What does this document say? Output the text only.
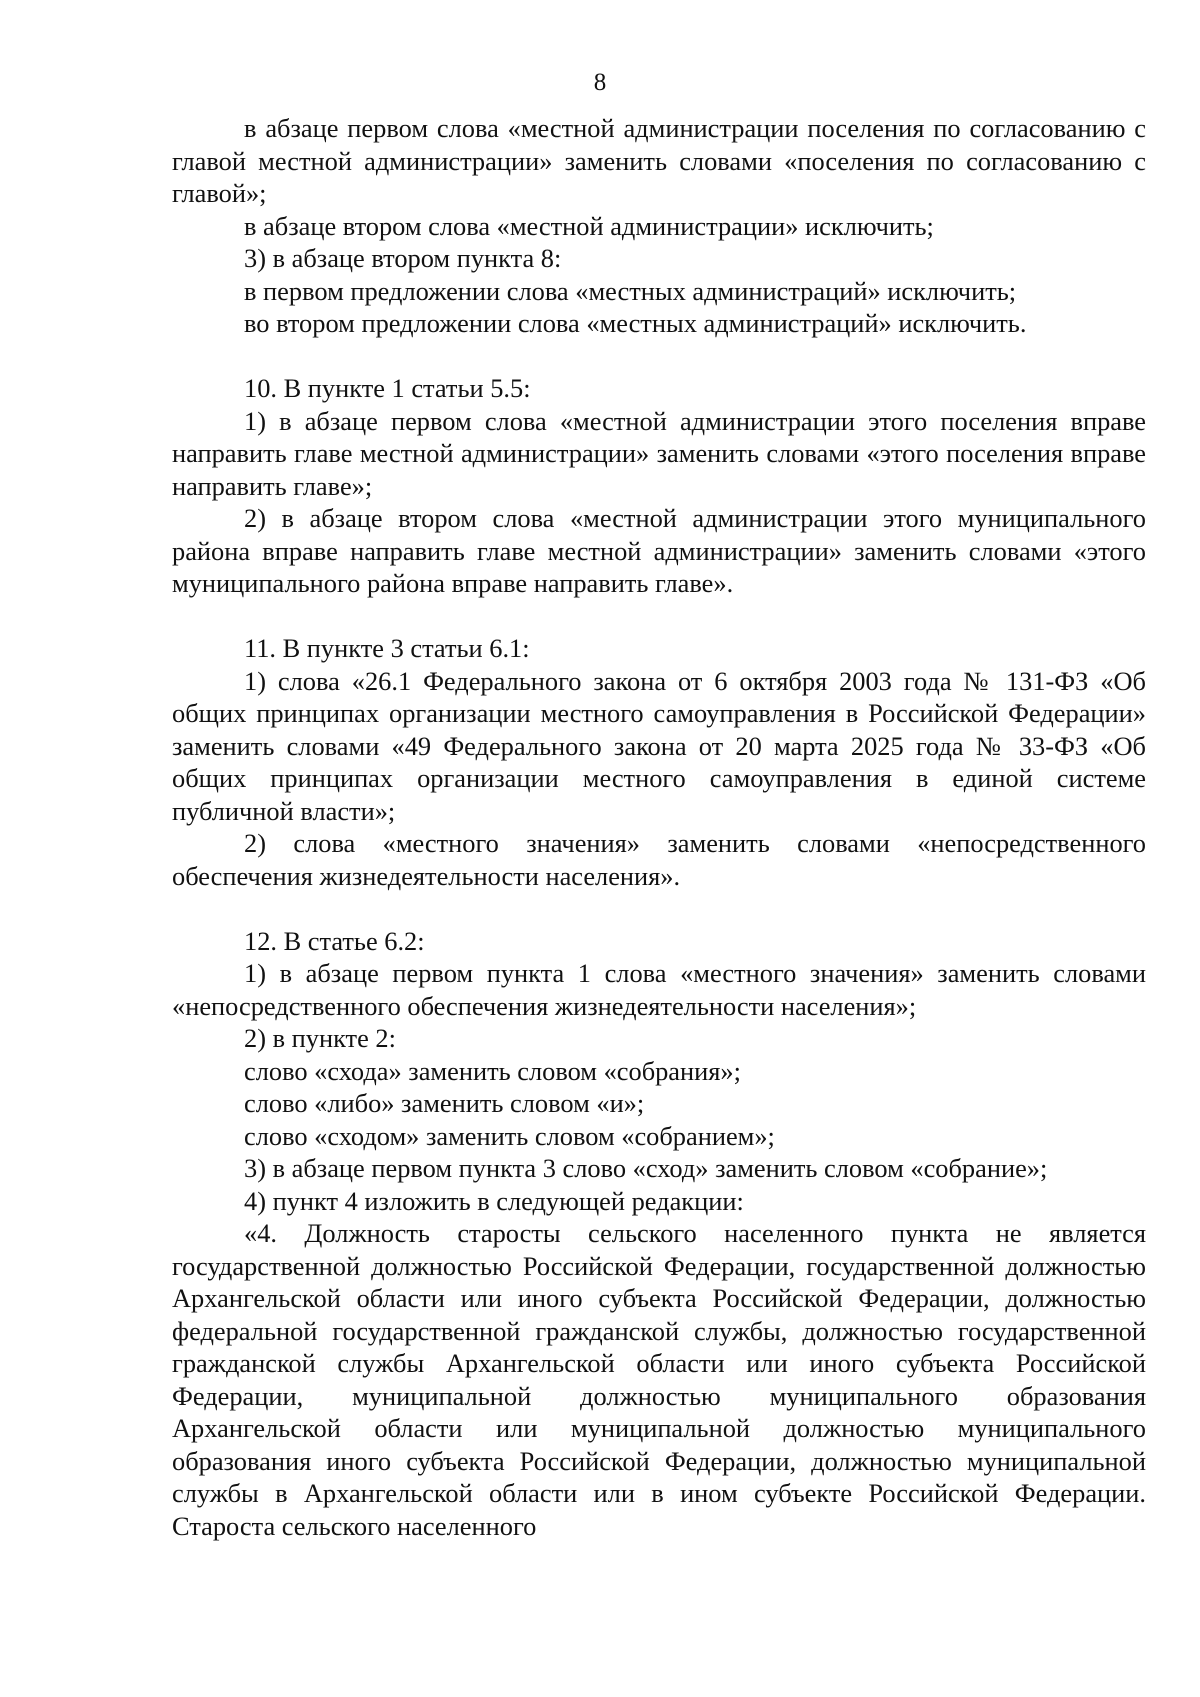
8

в абзаце первом слова «местной администрации поселения по согласованию с главой местной администрации» заменить словами «поселения по согласованию с главой»;

в абзаце втором слова «местной администрации» исключить;

3) в абзаце втором пункта 8:

в первом предложении слова «местных администраций» исключить;

во втором предложении слова «местных администраций» исключить.

10. В пункте 1 статьи 5.5:

1) в абзаце первом слова «местной администрации этого поселения вправе направить главе местной администрации» заменить словами «этого поселения вправе направить главе»;

2) в абзаце втором слова «местной администрации этого муниципального района вправе направить главе местной администрации» заменить словами «этого муниципального района вправе направить главе».

11. В пункте 3 статьи 6.1:

1) слова «26.1 Федерального закона от 6 октября 2003 года № 131-ФЗ «Об общих принципах организации местного самоуправления в Российской Федерации» заменить словами «49 Федерального закона от 20 марта 2025 года № 33-ФЗ «Об общих принципах организации местного самоуправления в единой системе публичной власти»;

2) слова «местного значения» заменить словами «непосредственного обеспечения жизнедеятельности населения».

12. В статье 6.2:

1) в абзаце первом пункта 1 слова «местного значения» заменить словами «непосредственного обеспечения жизнедеятельности населения»;

2) в пункте 2:

слово «схода» заменить словом «собрания»;

слово «либо» заменить словом «и»;

слово «сходом» заменить словом «собранием»;

3) в абзаце первом пункта 3 слово «сход» заменить словом «собрание»;

4) пункт 4 изложить в следующей редакции:

«4. Должность старосты сельского населенного пункта не является государственной должностью Российской Федерации, государственной должностью Архангельской области или иного субъекта Российской Федерации, должностью федеральной государственной гражданской службы, должностью государственной гражданской службы Архангельской области или иного субъекта Российской Федерации, муниципальной должностью муниципального образования Архангельской области или муниципальной должностью муниципального образования иного субъекта Российской Федерации, должностью муниципальной службы в Архангельской области или в ином субъекте Российской Федерации. Староста сельского населенного
